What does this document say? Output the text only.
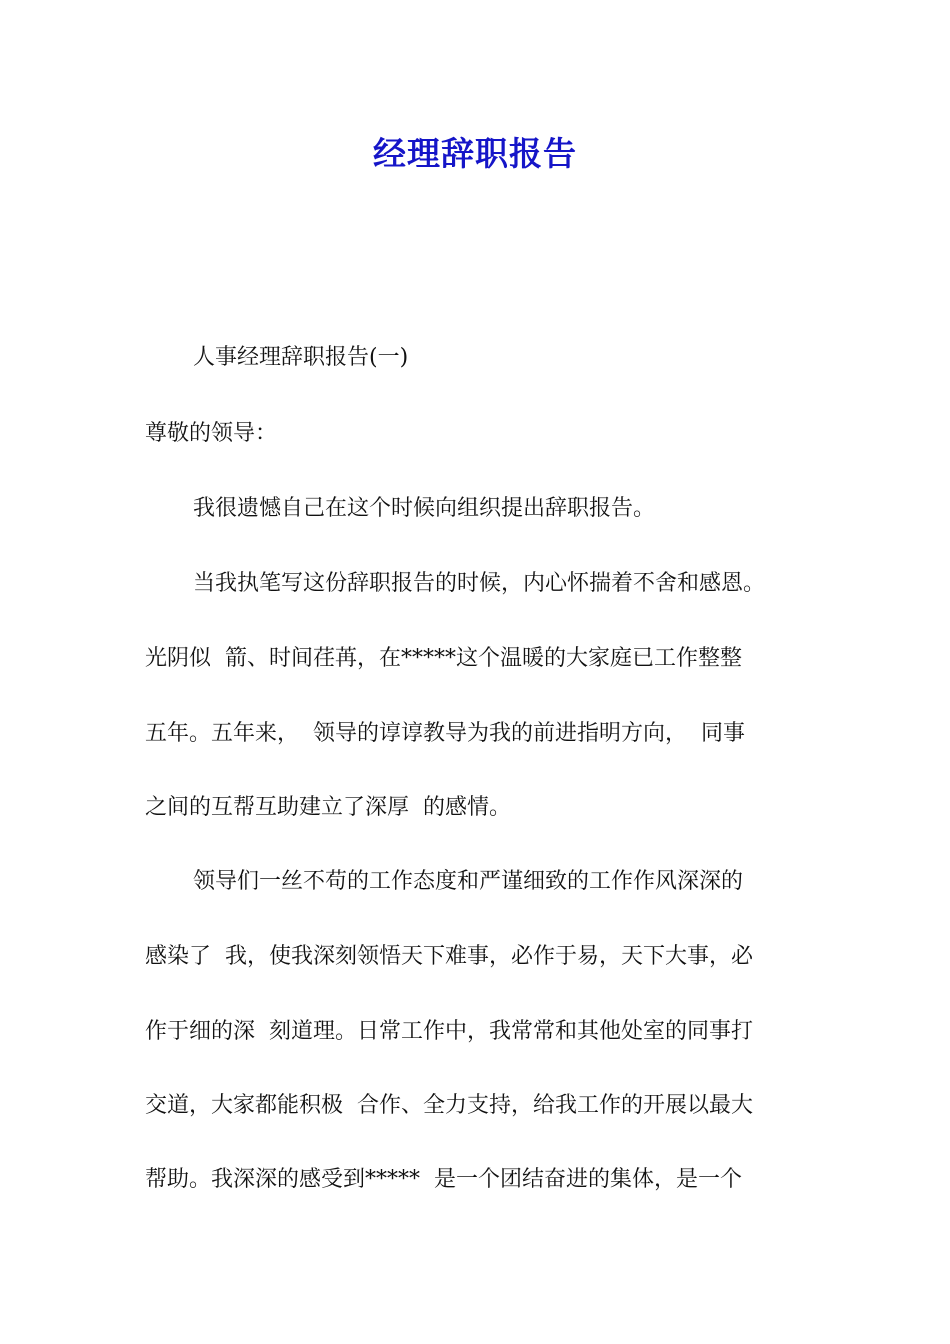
经理辞职报告
人事经理辞职报告(一)
尊敬的领导：
我很遗憾自己在这个时候向组织提出辞职报告。
当我执笔写这份辞职报告的时候，内心怀揣着不舍和感恩。
光阴似  箭、时间荏苒，在*****这个温暖的大家庭已工作整整
五年。五年来，  领导的谆谆教导为我的前进指明方向，  同事
之间的互帮互助建立了深厚  的感情。
领导们一丝不苟的工作态度和严谨细致的工作作风深深的
感染了  我，使我深刻领悟天下难事，必作于易，天下大事，必
作于细的深  刻道理。日常工作中，我常常和其他处室的同事打
交道，大家都能积极  合作、全力支持，给我工作的开展以最大
帮助。我深深的感受到*****  是一个团结奋进的集体，是一个
